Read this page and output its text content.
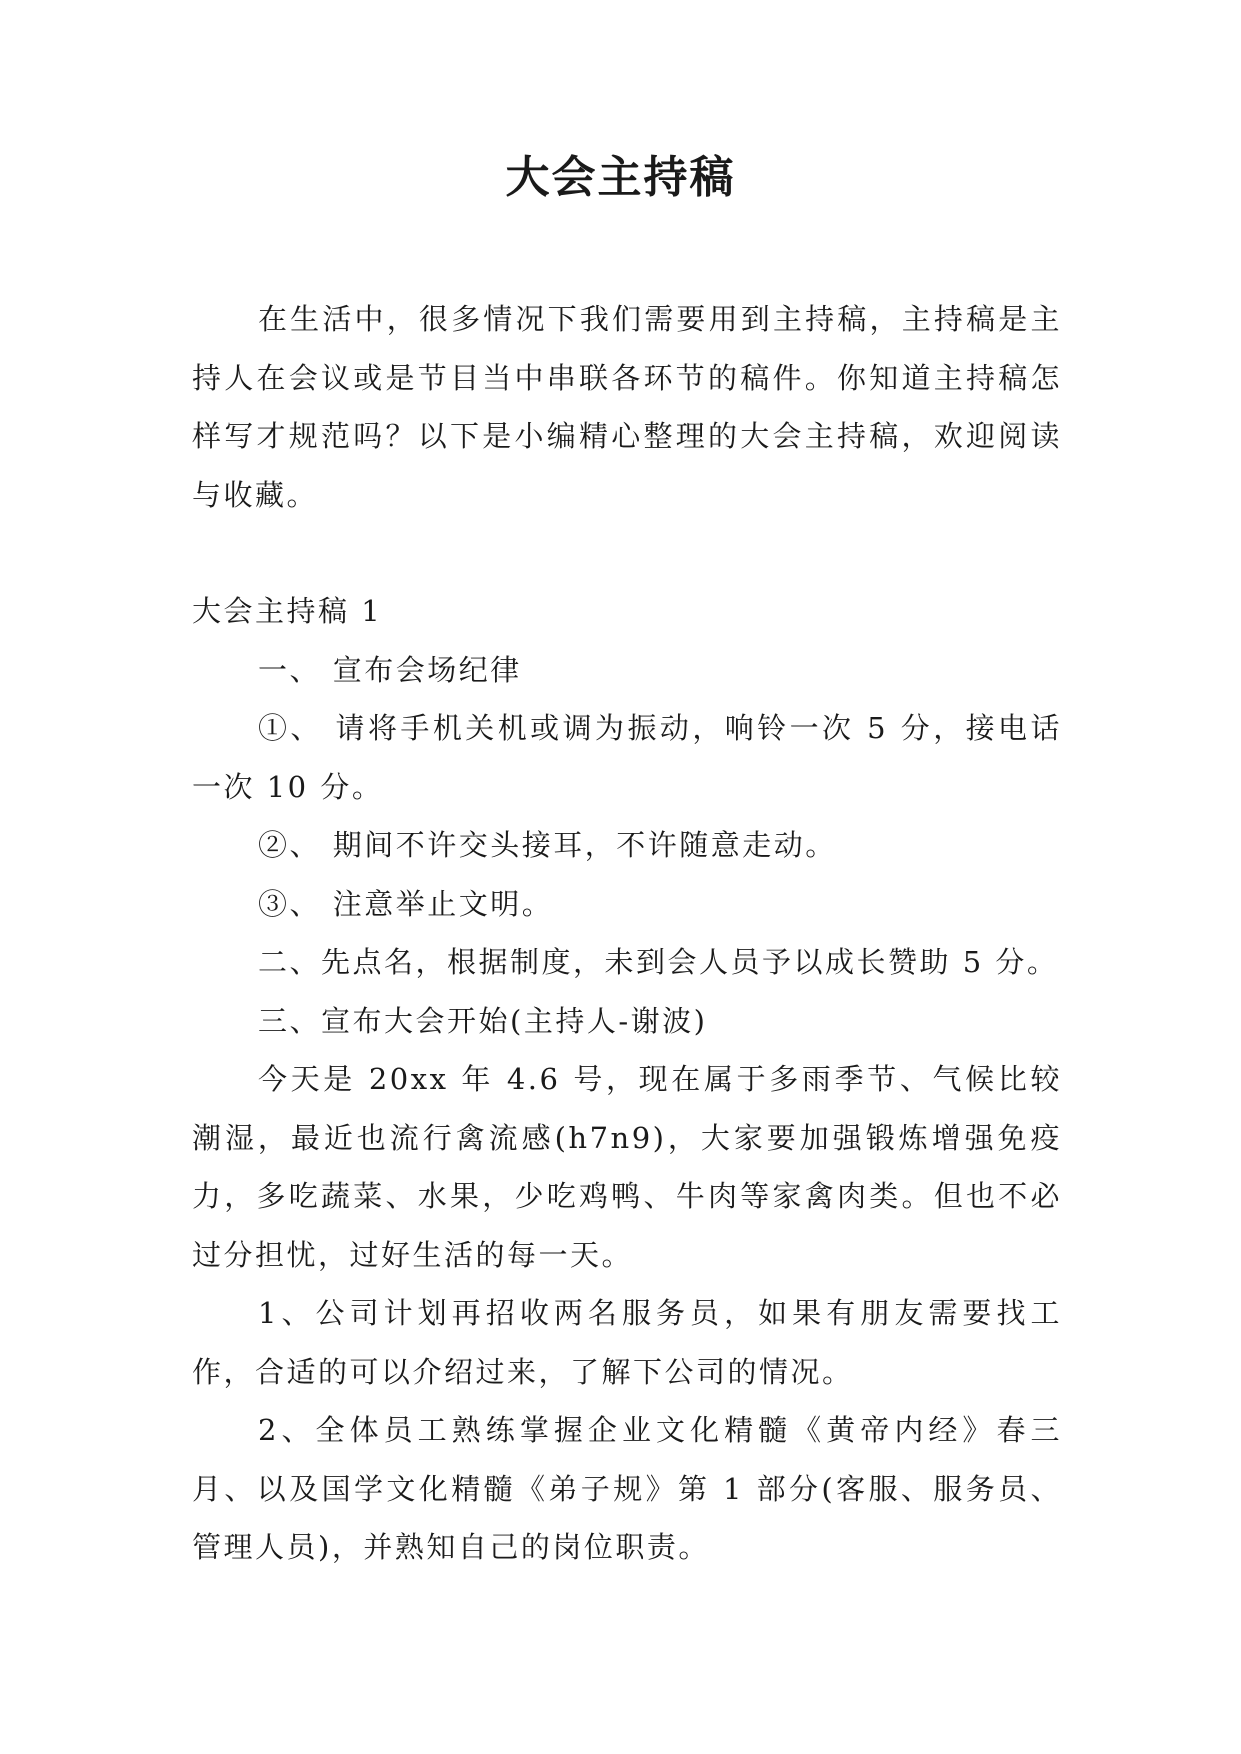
大会主持稿

在生活中，很多情况下我们需要用到主持稿，主持稿是主持人在会议或是节目当中串联各环节的稿件。你知道主持稿怎样写才规范吗？以下是小编精心整理的大会主持稿，欢迎阅读与收藏。

大会主持稿 1

一、 宣布会场纪律

①、 请将手机关机或调为振动，响铃一次 5 分，接电话一次 10 分。

②、 期间不许交头接耳，不许随意走动。

③、 注意举止文明。

二、先点名，根据制度，未到会人员予以成长赞助 5 分。

三、宣布大会开始(主持人-谢波)

今天是 20xx 年 4.6 号，现在属于多雨季节、气候比较潮湿，最近也流行禽流感(h7n9)，大家要加强锻炼增强免疫力，多吃蔬菜、水果，少吃鸡鸭、牛肉等家禽肉类。但也不必过分担忧，过好生活的每一天。

1、公司计划再招收两名服务员，如果有朋友需要找工作，合适的可以介绍过来，了解下公司的情况。

2、全体员工熟练掌握企业文化精髓《黄帝内经》春三月、以及国学文化精髓《弟子规》第 1 部分(客服、服务员、管理人员)，并熟知自己的岗位职责。
